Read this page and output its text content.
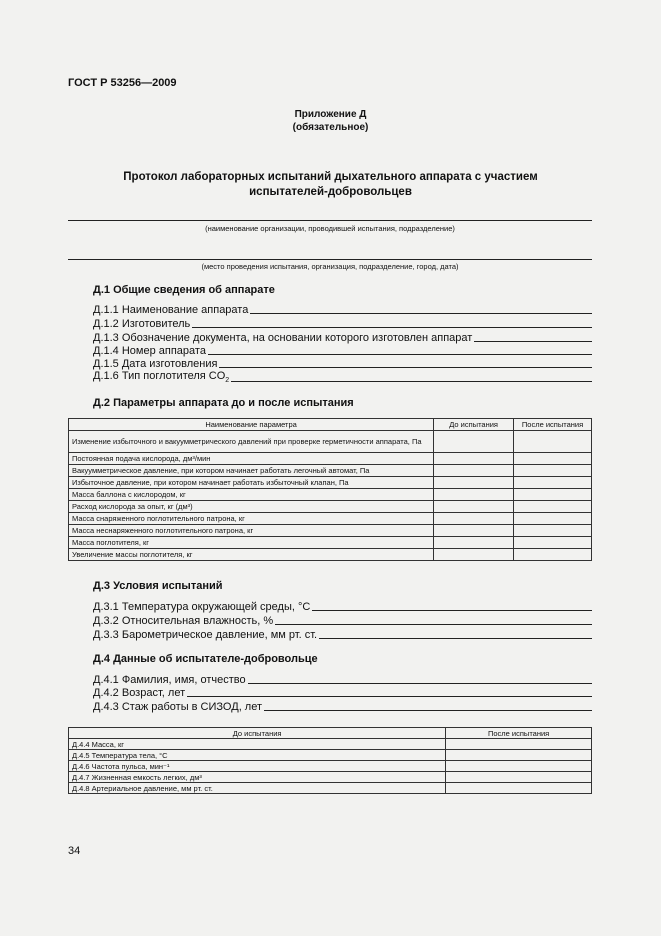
ГОСТ Р 53256—2009
Приложение Д
(обязательное)
Протокол лабораторных испытаний дыхательного аппарата с участием
испытателей-добровольцев
(наименование организации, проводившей испытания, подразделение)
(место проведения испытания, организация, подразделение, город, дата)
Д.1 Общие сведения об аппарате
Д.1.1 Наименование аппарата
Д.1.2 Изготовитель
Д.1.3 Обозначение документа, на основании которого изготовлен аппарат
Д.1.4 Номер аппарата
Д.1.5 Дата изготовления
Д.1.6 Тип поглотителя $CO_2$
Д.2 Параметры аппарата до и после испытания
Наименование параметра	До испытания	После испытания
Изменение избыточного и вакуумметрического давлений при проверке герметичности аппарата, Па		
Постоянная подача кислорода, дм³/мин		
Вакуумметрическое давление, при котором начинает работать легочный автомат, Па		
Избыточное давление, при котором начинает работать избыточный клапан, Па		
Масса баллона с кислородом, кг		
Расход кислорода за опыт, кг (дм³)		
Масса снаряженного поглотительного патрона, кг		
Масса неснаряженного поглотительного патрона, кг		
Масса поглотителя, кг		
Увеличение массы поглотителя, кг		
Д.3 Условия испытаний
Д.3.1 Температура окружающей среды, °С
Д.3.2 Относительная влажность, %
Д.3.3 Барометрическое давление, мм рт. ст.
Д.4 Данные об испытателе-добровольце
Д.4.1 Фамилия, имя, отчество
Д.4.2 Возраст, лет
Д.4.3 Стаж работы в СИЗОД, лет
До испытания	После испытания
Д.4.4 Масса, кг	
Д.4.5 Температура тела, °С	
Д.4.6 Частота пульса, мин⁻¹	
Д.4.7 Жизненная емкость легких, дм³	
Д.4.8 Артериальное давление, мм рт. ст.	
34
